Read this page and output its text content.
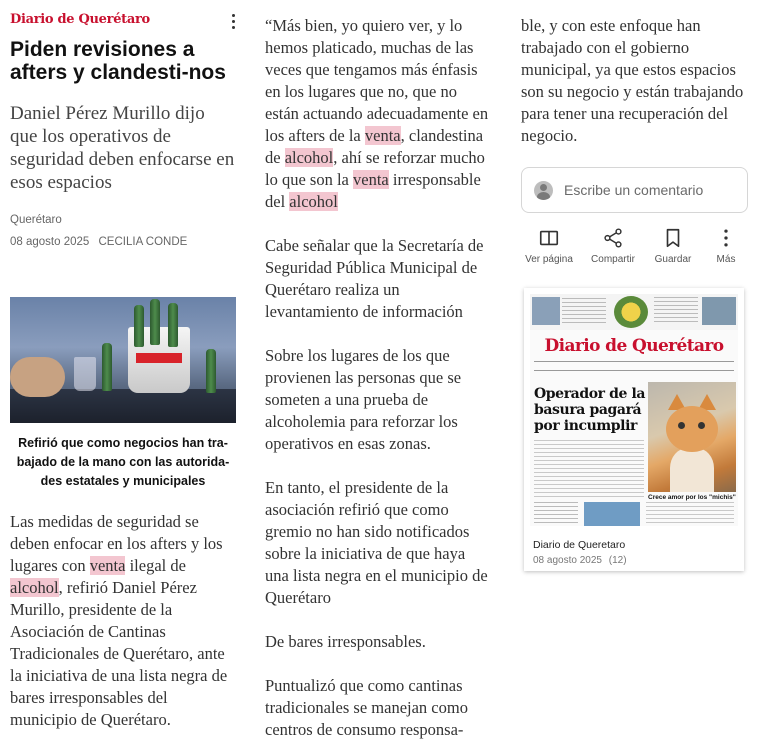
Diario de Querétaro
Piden revisiones a afters y clandesti-nos

Daniel Pérez Murillo dijo que los operativos de seguridad deben enfocarse en esos espacios

Querétaro
08 agosto 2025 CECILIA CONDE
Refirió que como negocios han tra-bajado de la mano con las autorida-des estatales y municipales
Las medidas de seguridad se deben enfocar en los afters y los lugares con venta ilegal de alcohol, refirió Daniel Pérez Murillo, presidente de la Asociación de Cantinas Tradicionales de Querétaro, ante la iniciativa de una lista negra de bares irresponsables del municipio de Querétaro.

“Más bien, yo quiero ver, y lo hemos platicado, muchas de las veces que tengamos más énfasis en los lugares que no, que no están actuando adecuadamente en los afters de la venta, clandestina de alcohol, ahí se reforzar mucho lo que son la venta irresponsable del alcohol

Cabe señalar que la Secretaría de Seguridad Pública Municipal de Querétaro realiza un levantamiento de información

Sobre los lugares de los que provienen las personas que se someten a una prueba de alcoholemia para reforzar los operativos en esas zonas.

En tanto, el presidente de la asociación refirió que como gremio no han sido notificados sobre la iniciativa de que haya una lista negra en el municipio de Querétaro

De bares irresponsables.

Puntualizó que como cantinas tradicionales se manejan como centros de consumo responsa-

ble, y con este enfoque han trabajado con el gobierno municipal, ya que estos espacios son su negocio y están trabajando para tener una recuperación del negocio.

Escribe un comentario
Ver página	Compartir	Guardar	Más
Diario de Querétaro
Operador de la basura pagará por incumplir
Crece amor por los "michis"
Diario de Queretaro
08 agosto 2025 (12)
